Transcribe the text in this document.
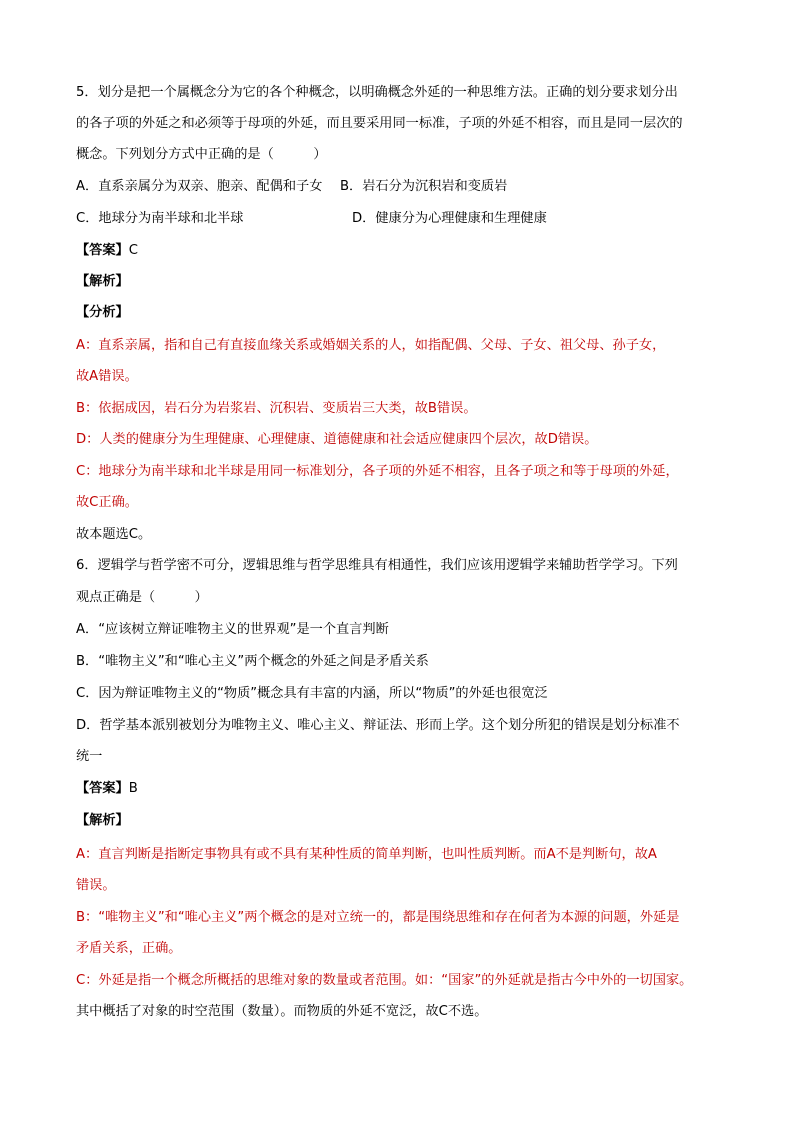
5．划分是把一个属概念分为它的各个种概念，以明确概念外延的一种思维方法。正确的划分要求划分出
的各子项的外延之和必须等于母项的外延，而且要采用同一标准，子项的外延不相容，而且是同一层次的
概念。下列划分方式中正确的是（　　　）
A．直系亲属分为双亲、胞亲、配偶和子女 B．岩石分为沉积岩和变质岩
C．地球分为南半球和北半球	D．健康分为心理健康和生理健康
【答案】C
【解析】
【分析】
A：直系亲属，指和自己有直接血缘关系或婚姻关系的人，如指配偶、父母、子女、祖父母、孙子女，
故A错误。
B：依据成因，岩石分为岩浆岩、沉积岩、变质岩三大类，故B错误。
D：人类的健康分为生理健康、心理健康、道德健康和社会适应健康四个层次，故D错误。
C：地球分为南半球和北半球是用同一标准划分，各子项的外延不相容，且各子项之和等于母项的外延，
故C正确。
故本题选C。
6．逻辑学与哲学密不可分，逻辑思维与哲学思维具有相通性，我们应该用逻辑学来辅助哲学学习。下列
观点正确是（　　　）
A．“应该树立辩证唯物主义的世界观”是一个直言判断
B．“唯物主义”和“唯心主义”两个概念的外延之间是矛盾关系
C．因为辩证唯物主义的“物质”概念具有丰富的内涵，所以“物质”的外延也很宽泛
D．哲学基本派别被划分为唯物主义、唯心主义、辩证法、形而上学。这个划分所犯的错误是划分标准不
统一
【答案】B
【解析】
A：直言判断是指断定事物具有或不具有某种性质的简单判断，也叫性质判断。而A不是判断句，故A
错误。
B：“唯物主义”和“唯心主义”两个概念的是对立统一的，都是围绕思维和存在何者为本源的问题，外延是
矛盾关系，正确。
C：外延是指一个概念所概括的思维对象的数量或者范围。如：“国家”的外延就是指古今中外的一切国家。
其中概括了对象的时空范围（数量）。而物质的外延不宽泛，故C不选。
